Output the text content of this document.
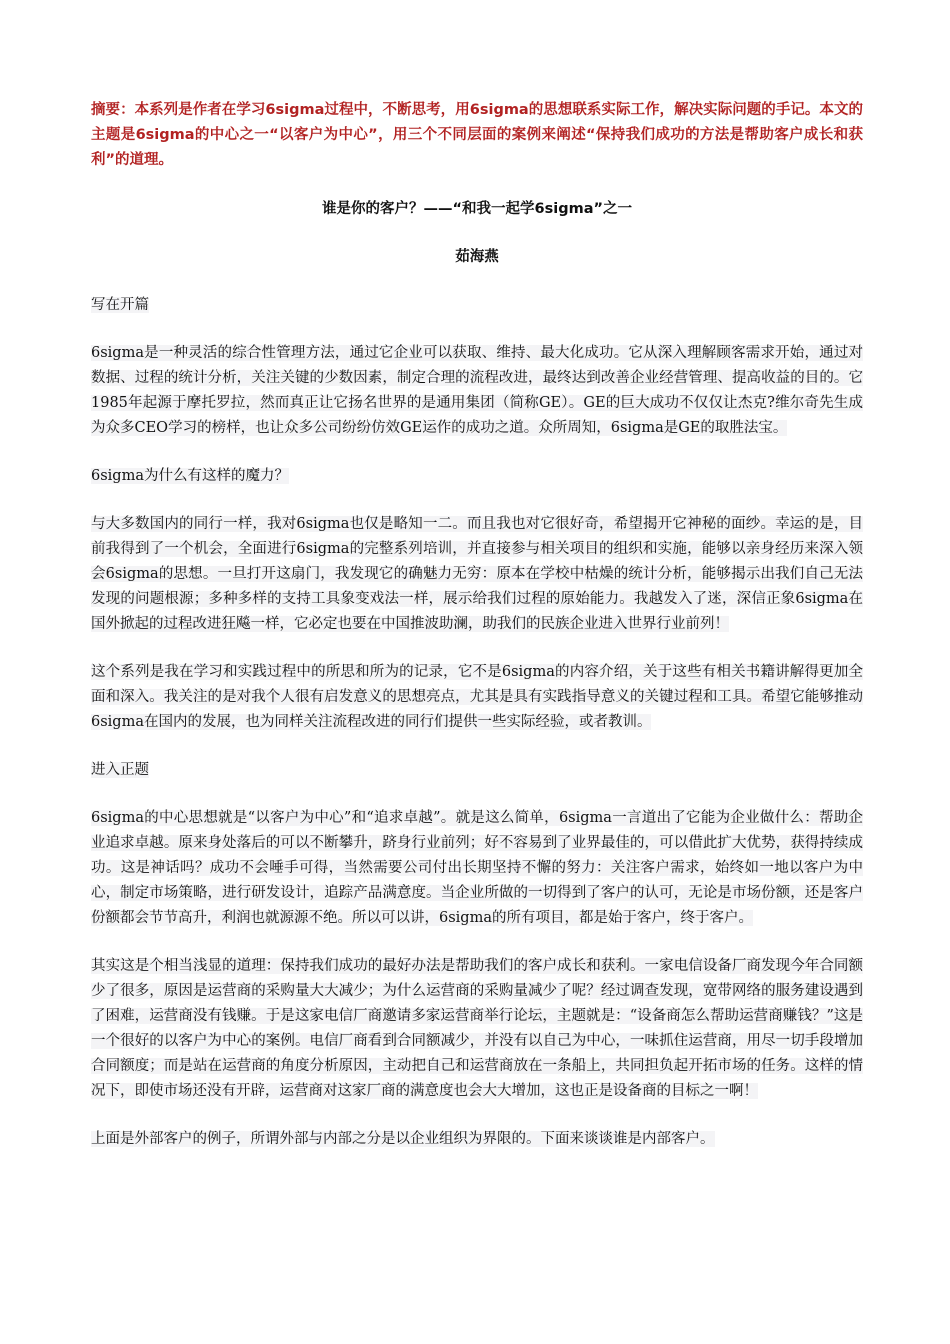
摘要：本系列是作者在学习6sigma过程中，不断思考，用6sigma的思想联系实际工作，解决实际问题的手记。本文的主题是6sigma的中心之一“以客户为中心”，用三个不同层面的案例来阐述“保持我们成功的方法是帮助客户成长和获利”的道理。

谁是你的客户？——“和我一起学6sigma”之一

茹海燕

写在开篇

6sigma是一种灵活的综合性管理方法，通过它企业可以获取、维持、最大化成功。它从深入理解顾客需求开始，通过对数据、过程的统计分析，关注关键的少数因素，制定合理的流程改进，最终达到改善企业经营管理、提高收益的目的。它1985年起源于摩托罗拉，然而真正让它扬名世界的是通用集团（简称GE）。GE的巨大成功不仅仅让杰克?维尔奇先生成为众多CEO学习的榜样，也让众多公司纷纷仿效GE运作的成功之道。众所周知，6sigma是GE的取胜法宝。

6sigma为什么有这样的魔力？

与大多数国内的同行一样，我对6sigma也仅是略知一二。而且我也对它很好奇，希望揭开它神秘的面纱。幸运的是，目前我得到了一个机会，全面进行6sigma的完整系列培训，并直接参与相关项目的组织和实施，能够以亲身经历来深入领会6sigma的思想。一旦打开这扇门，我发现它的确魅力无穷：原本在学校中枯燥的统计分析，能够揭示出我们自己无法发现的问题根源；多种多样的支持工具象变戏法一样，展示给我们过程的原始能力。我越发入了迷，深信正象6sigma在国外掀起的过程改进狂飚一样，它必定也要在中国推波助澜，助我们的民族企业进入世界行业前列！

这个系列是我在学习和实践过程中的所思和所为的记录，它不是6sigma的内容介绍，关于这些有相关书籍讲解得更加全面和深入。我关注的是对我个人很有启发意义的思想亮点，尤其是具有实践指导意义的关键过程和工具。希望它能够推动6sigma在国内的发展，也为同样关注流程改进的同行们提供一些实际经验，或者教训。

进入正题

6sigma的中心思想就是“以客户为中心”和“追求卓越”。就是这么简单，6sigma一言道出了它能为企业做什么：帮助企业追求卓越。原来身处落后的可以不断攀升，跻身行业前列；好不容易到了业界最佳的，可以借此扩大优势，获得持续成功。这是神话吗？成功不会唾手可得，当然需要公司付出长期坚持不懈的努力：关注客户需求，始终如一地以客户为中心，制定市场策略，进行研发设计，追踪产品满意度。当企业所做的一切得到了客户的认可，无论是市场份额，还是客户份额都会节节高升，利润也就源源不绝。所以可以讲，6sigma的所有项目，都是始于客户，终于客户。

其实这是个相当浅显的道理：保持我们成功的最好办法是帮助我们的客户成长和获利。一家电信设备厂商发现今年合同额少了很多，原因是运营商的采购量大大减少；为什么运营商的采购量减少了呢？经过调查发现，宽带网络的服务建设遇到了困难，运营商没有钱赚。于是这家电信厂商邀请多家运营商举行论坛，主题就是：“设备商怎么帮助运营商赚钱？”这是一个很好的以客户为中心的案例。电信厂商看到合同额减少，并没有以自己为中心，一味抓住运营商，用尽一切手段增加合同额度；而是站在运营商的角度分析原因，主动把自己和运营商放在一条船上，共同担负起开拓市场的任务。这样的情况下，即使市场还没有开辟，运营商对这家厂商的满意度也会大大增加，这也正是设备商的目标之一啊！

上面是外部客户的例子，所谓外部与内部之分是以企业组织为界限的。下面来谈谈谁是内部客户。
